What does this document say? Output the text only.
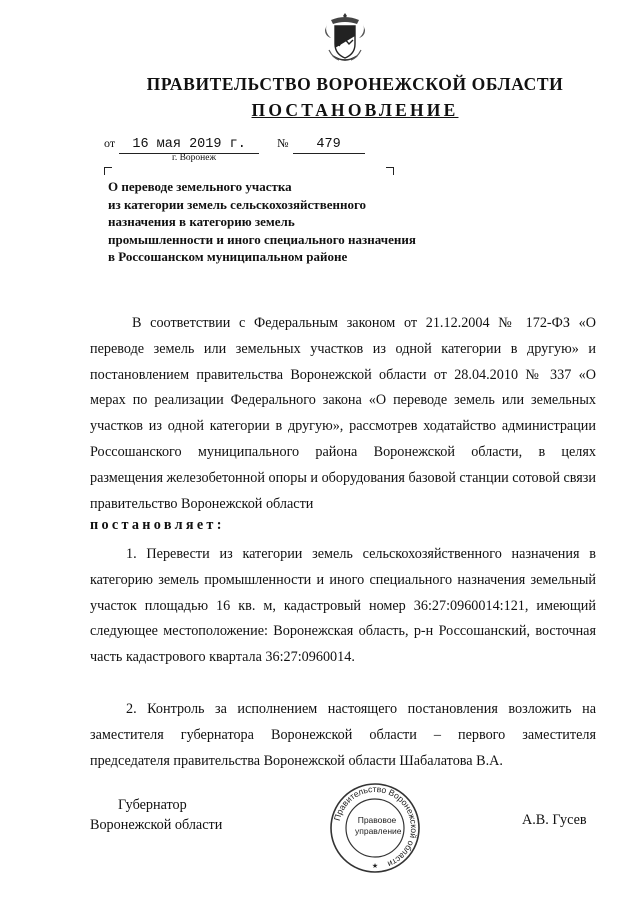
ПРАВИТЕЛЬСТВО ВОРОНЕЖСКОЙ ОБЛАСТИ
ПОСТАНОВЛЕНИЕ
от 16 мая 2019 г.	№ 479
г. Воронеж
О переводе земельного участка
из категории земель сельскохозяйственного
назначения в категорию земель
промышленности и иного специального назначения
в Россошанском муниципальном районе
В соответствии с Федеральным законом от 21.12.2004 № 172-ФЗ «О переводе земель или земельных участков из одной категории в другую» и постановлением правительства Воронежской области от 28.04.2010 № 337 «О мерах по реализации Федерального закона «О переводе земель или земельных участков из одной категории в другую», рассмотрев ходатайство администрации Россошанского муниципального района Воронежской области, в целях размещения железобетонной опоры и оборудования базовой станции сотовой связи правительство Воронежской области
постановляет:
1. Перевести из категории земель сельскохозяйственного назначения в категорию земель промышленности и иного специального назначения земельный участок площадью 16 кв. м, кадастровый номер 36:27:0960014:121, имеющий следующее местоположение: Воронежская область, р-н Россошанский, восточная часть кадастрового квартала 36:27:0960014.
2. Контроль за исполнением настоящего постановления возложить на заместителя губернатора Воронежской области – первого заместителя председателя правительства Воронежской области Шабалатова В.А.
Губернатор
Воронежской области	Правительство Воронежской области
★
Правовое
управление
А.В. Гусев
